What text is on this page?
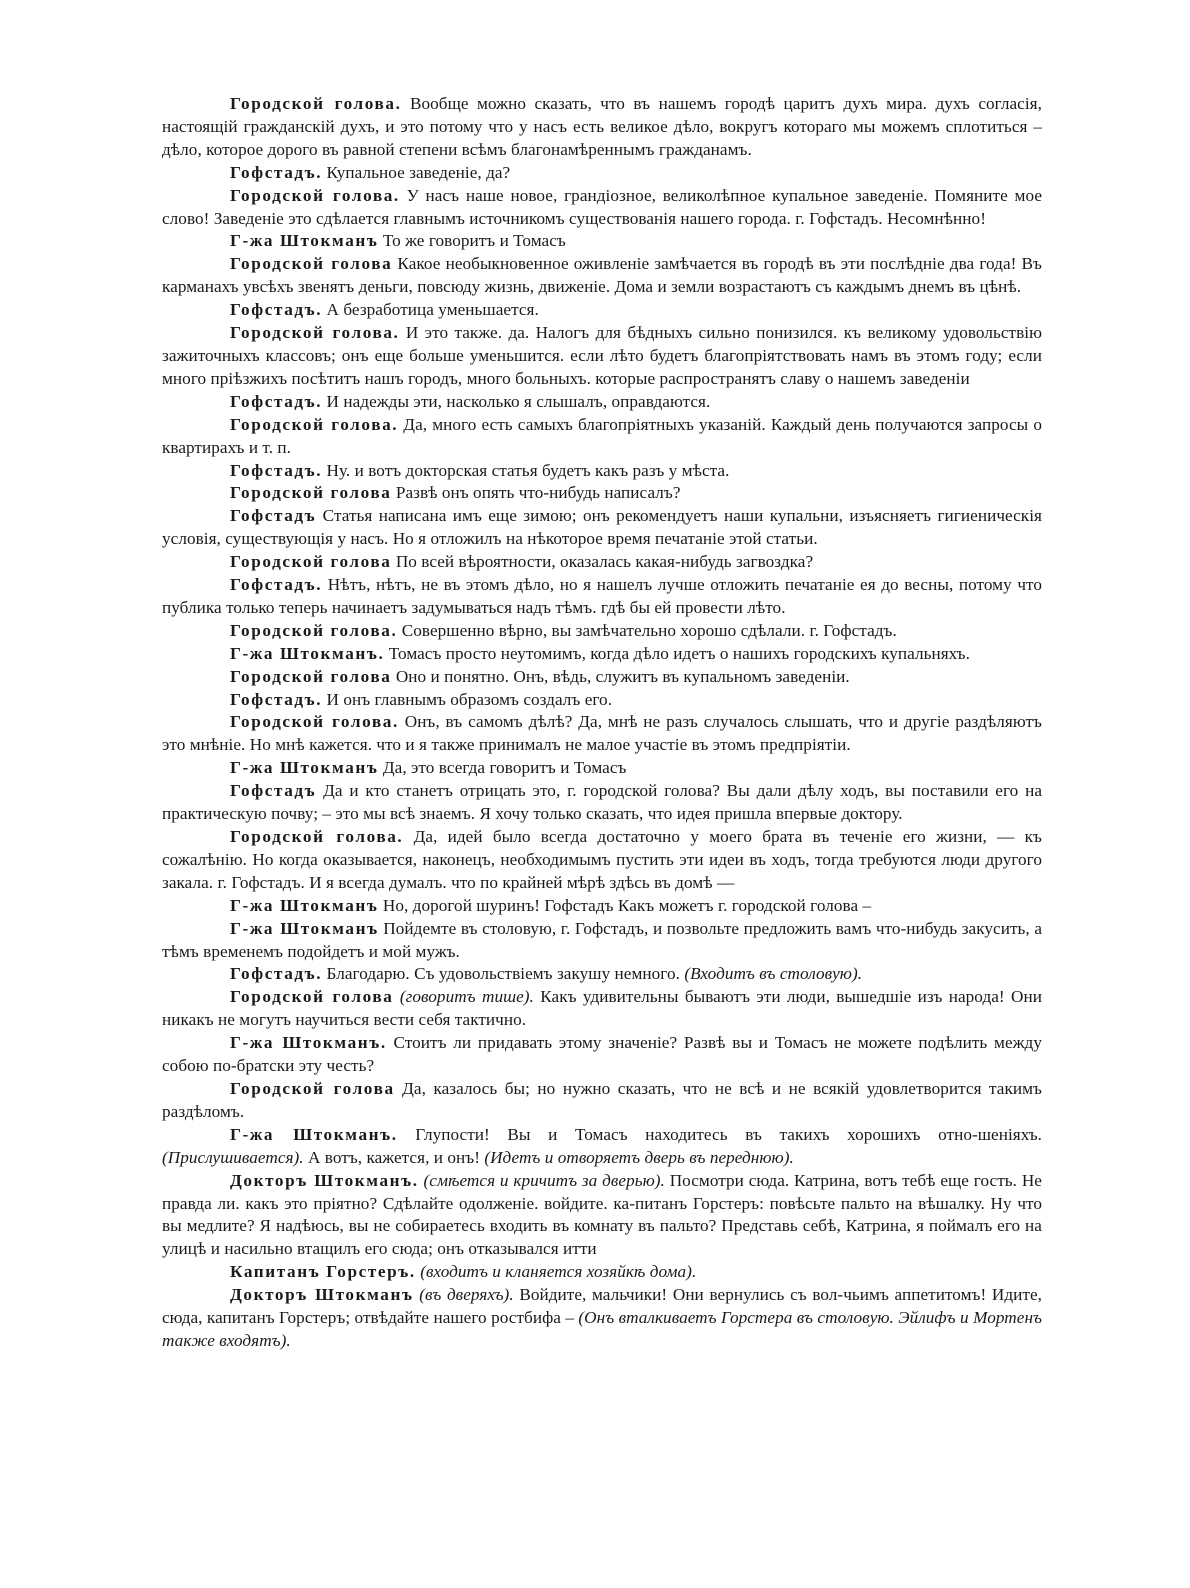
Городской голова. Вообще можно сказать, что въ нашемъ городѣ царитъ духъ мира. духъ согласія, настоящій гражданскій духъ, и это потому что у насъ есть великое дѣло, вокругъ котораго мы можемъ сплотиться – дѣло, которое дорого въ равной степени всѣмъ благонамѣреннымъ гражданамъ.

Гофстадъ. Купальное заведеніе, да?

Городской голова. У насъ наше новое, грандіозное, великолѣпное купальное заведеніе. Помяните мое слово! Заведеніе это сдѣлается главнымъ источникомъ существованія нашего города. г. Гофстадъ. Несомнѣнно!

Г-жа Штокманъ То же говоритъ и Томасъ

Городской голова Какое необыкновенное оживленіе замѣчается въ городѣ въ эти послѣдніе два года! Въ карманахъ увсѣхъ звенятъ деньги, повсюду жизнь, движеніе. Дома и земли возрастаютъ съ каждымъ днемъ въ цѣнѣ.

Гофстадъ. А безработица уменьшается.

Городской голова. И это также. да. Налогъ для бѣдныхъ сильно понизился. къ великому удовольствію зажиточныхъ классовъ; онъ еще больше уменьшится. если лѣто будетъ благопріятствовать намъ въ этомъ году; если много пріѣзжихъ посѣтитъ нашъ городъ, много больныхъ. которые распространятъ славу о нашемъ заведеніи

Гофстадъ. И надежды эти, насколько я слышалъ, оправдаются.

Городской голова. Да, много есть самыхъ благопріятныхъ указаній. Каждый день получаются запросы о квартирахъ и т. п.

Гофстадъ. Ну. и вотъ докторская статья будетъ какъ разъ у мѣста.

Городской голова Развѣ онъ опять что-нибудь написалъ?

Гофстадъ Статья написана имъ еще зимою; онъ рекомендуетъ наши купальни, изъясняетъ гигиеническія условія, существующія у насъ. Но я отложилъ на нѣкоторое время печатаніе этой статьи.

Городской голова По всей вѣроятности, оказалась какая-нибудь загвоздка?

Гофстадъ. Нѣтъ, нѣтъ, не въ этомъ дѣло, но я нашелъ лучше отложить печатаніе ея до весны, потому что публика только теперь начинаетъ задумываться надъ тѣмъ. гдѣ бы ей провести лѣто.

Городской голова. Совершенно вѣрно, вы замѣчательно хорошо сдѣлали. г. Гофстадъ.

Г-жа Штокманъ. Томасъ просто неутомимъ, когда дѣло идетъ о нашихъ городскихъ купальняхъ.

Городской голова Оно и понятно. Онъ, вѣдь, служитъ въ купальномъ заведеніи.

Гофстадъ. И онъ главнымъ образомъ создалъ его.

Городской голова. Онъ, въ самомъ дѣлѣ? Да, мнѣ не разъ случалось слышать, что и другіе раздѣляютъ это мнѣніе. Но мнѣ кажется. что и я также принималъ не малое участіе въ этомъ предпріятіи.

Г-жа Штокманъ Да, это всегда говоритъ и Томасъ

Гофстадъ Да и кто станетъ отрицать это, г. городской голова? Вы дали дѣлу ходъ, вы поставили его на практическую почву; – это мы всѣ знаемъ. Я хочу только сказать, что идея пришла впервые доктору.

Городской голова. Да, идей было всегда достаточно у моего брата въ теченіе его жизни, — къ сожалѣнію. Но когда оказывается, наконецъ, необходимымъ пустить эти идеи въ ходъ, тогда требуются люди другого закала. г. Гофстадъ. И я всегда думалъ. что по крайней мѣрѣ здѣсь въ домѣ —

Г-жа Штокманъ Но, дорогой шуринъ! Гофстадъ Какъ можетъ г. городской голова –

Г-жа Штокманъ Пойдемте въ столовую, г. Гофстадъ, и позвольте предложить вамъ что-нибудь закусить, а тѣмъ временемъ подойдетъ и мой мужъ.

Гофстадъ. Благодарю. Съ удовольствіемъ закушу немного. (Входитъ въ столовую).

Городской голова (говоритъ тише). Какъ удивительны бываютъ эти люди, вышедшіе изъ народа! Они никакъ не могутъ научиться вести себя тактично.

Г-жа Штокманъ. Стоитъ ли придавать этому значеніе? Развѣ вы и Томасъ не можете подѣлить между собою по-братски эту честь?

Городской голова Да, казалось бы; но нужно сказать, что не всѣ и не всякій удовлетворится такимъ раздѣломъ.

Г-жа Штокманъ. Глупости! Вы и Томасъ находитесь въ такихъ хорошихъ отно-шеніяхъ. (Прислушивается). А вотъ, кажется, и онъ! (Идетъ и отворяетъ дверь въ переднюю).

Докторъ Штокманъ. (смѣется и кричитъ за дверью). Посмотри сюда. Катрина, вотъ тебѣ еще гость. Не правда ли. какъ это пріятно? Сдѣлайте одолженіе. войдите. ка-питанъ Горстеръ: повѣсьте пальто на вѣшалку. Ну что вы медлите? Я надѣюсь, вы не собираетесь входить въ комнату въ пальто? Представь себѣ, Катрина, я поймалъ его на улицѣ и насильно втащилъ его сюда; онъ отказывался итти

Капитанъ Горстеръ. (входитъ и кланяется хозяйкѣ дома).

Докторъ Штокманъ (въ дверяхъ). Войдите, мальчики! Они вернулись съ вол-чьимъ аппетитомъ! Идите, сюда, капитанъ Горстеръ; отвѣдайте нашего ростбифа – (Онъ вталкиваетъ Горстера въ столовую. Эйлифъ и Мортенъ также входятъ).
